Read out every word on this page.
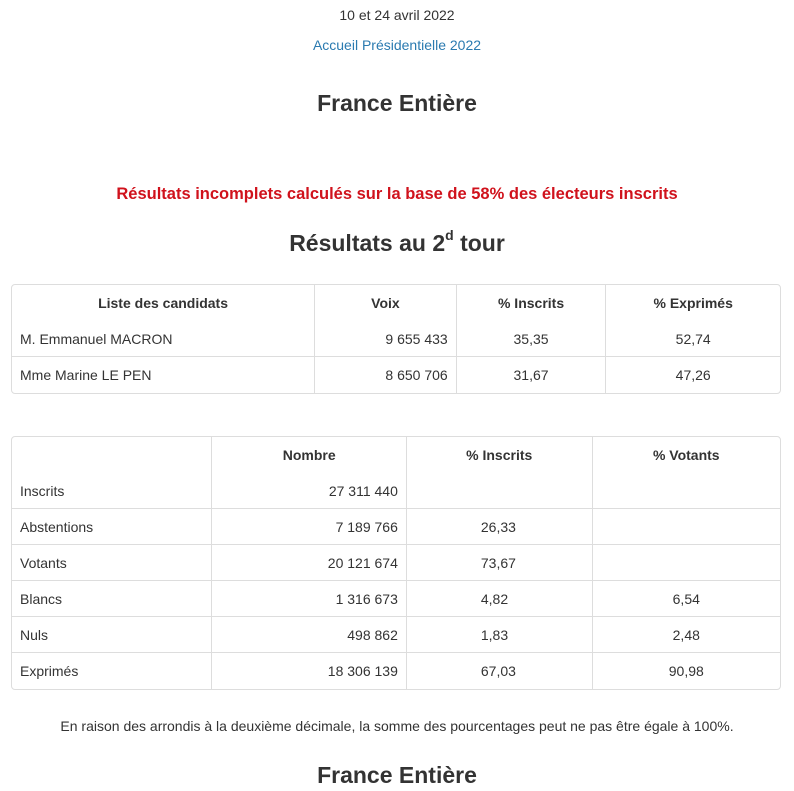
10 et 24 avril 2022
Accueil Présidentielle 2022
France Entière

Résultats incomplets calculés sur la base de 58% des électeurs inscrits

Résultats au 2$^d$ tour
Liste des candidats	Voix	% Inscrits	% Exprimés
M. Emmanuel MACRON	9 655 433	35,35	52,74
Mme Marine LE PEN	8 650 706	31,67	47,26
	Nombre	% Inscrits	% Votants
Inscrits	27 311 440		
Abstentions	7 189 766	26,33	
Votants	20 121 674	73,67	
Blancs	1 316 673	4,82	6,54
Nuls	498 862	1,83	2,48
Exprimés	18 306 139	67,03	90,98

En raison des arrondis à la deuxième décimale, la somme des pourcentages peut ne pas être égale à 100%.

France Entière
